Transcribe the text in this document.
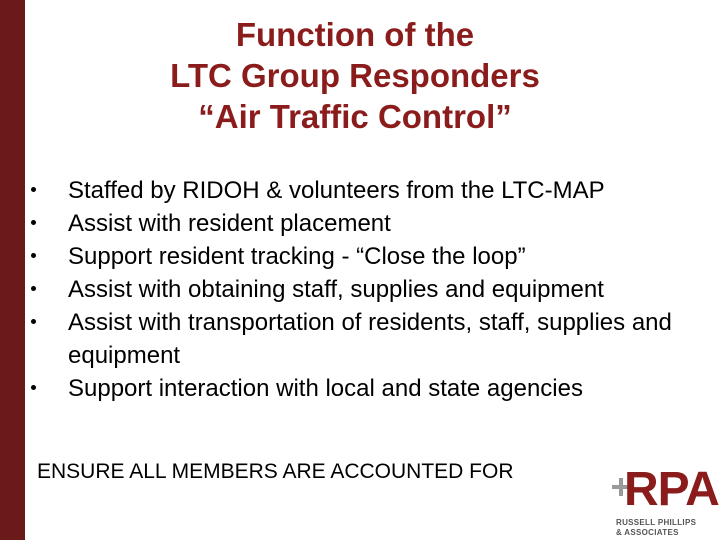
Function of the
LTC Group Responders
“Air Traffic Control”
Staffed by RIDOH & volunteers from the LTC-MAP
Assist with resident placement
Support resident tracking - “Close the loop”
Assist with obtaining staff, supplies and equipment
Assist with transportation of residents, staff, supplies and equipment
Support interaction with local and state agencies
ENSURE ALL MEMBERS ARE ACCOUNTED FOR RPA
RUSSELL PHILLIPS
& ASSOCIATES
